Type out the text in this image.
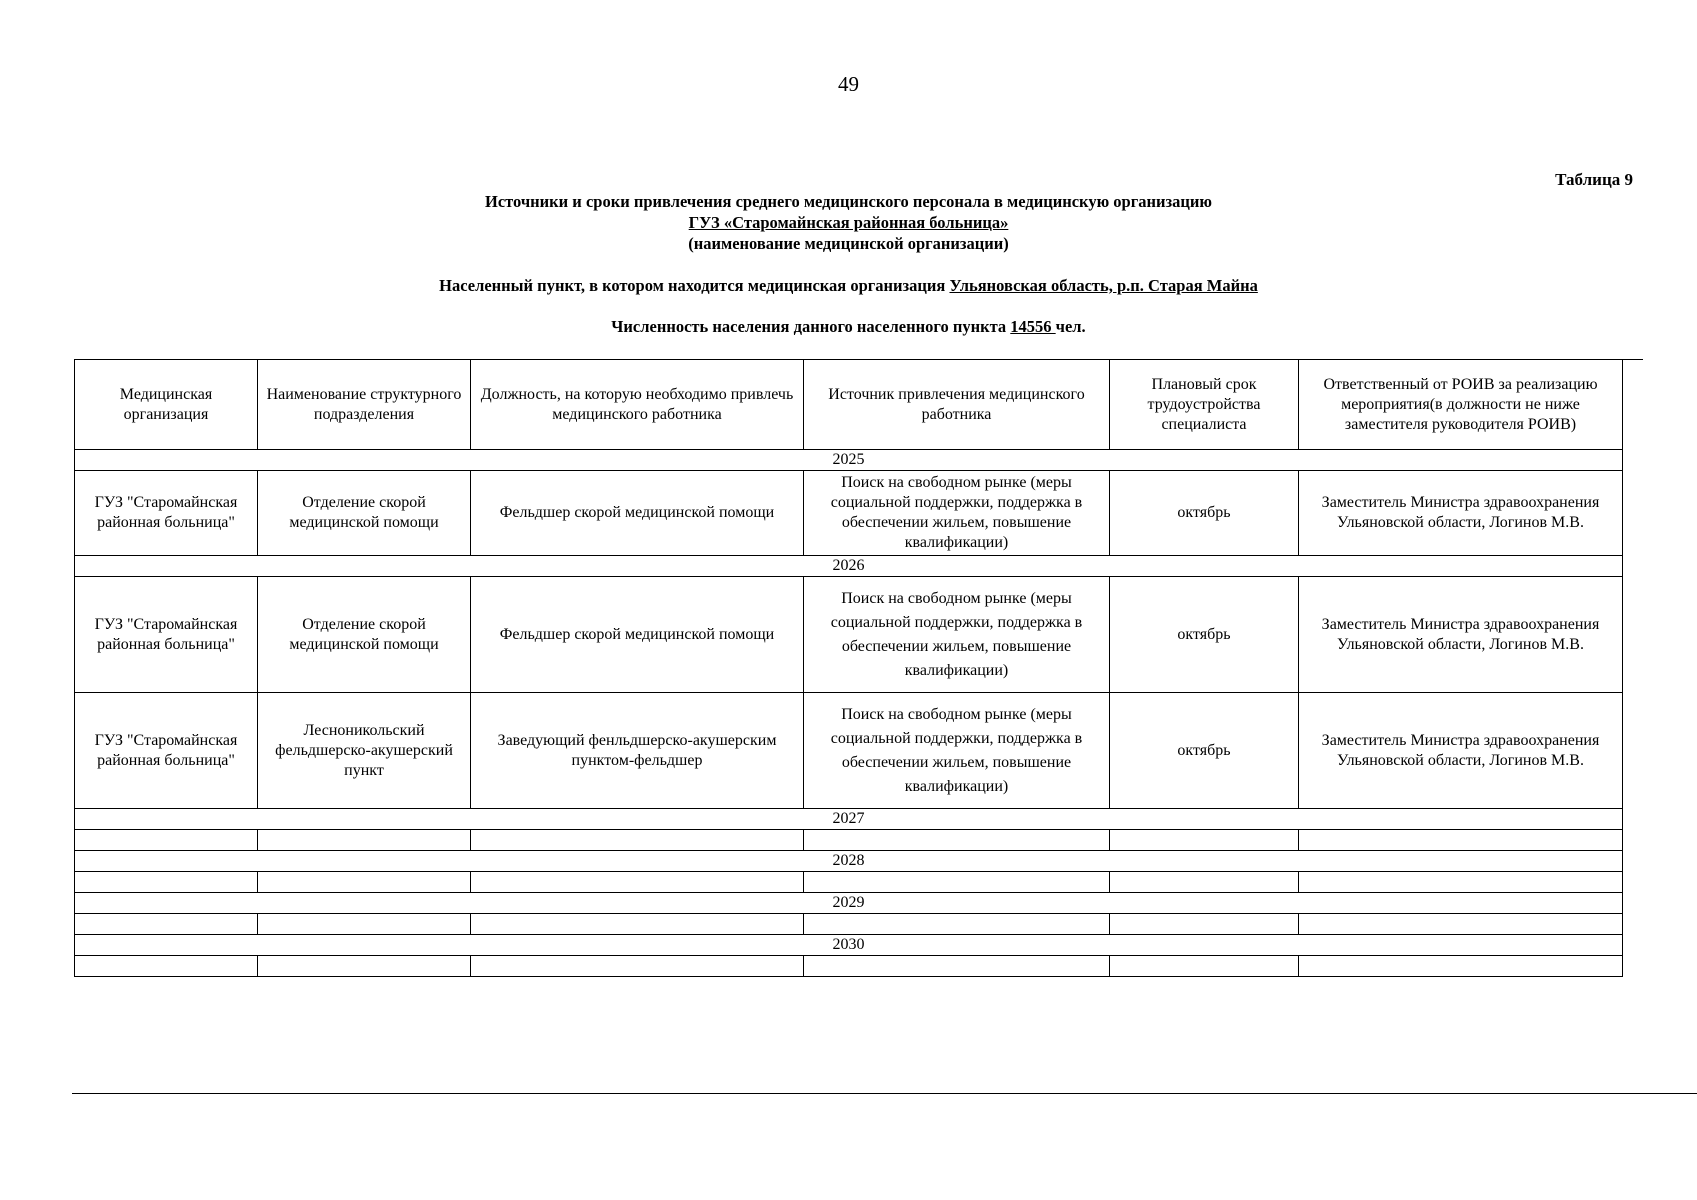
49
Таблица 9
Источники и сроки привлечения среднего медицинского персонала в медицинскую организацию
ГУЗ «Старомайнская районная больница»
(наименование медицинской организации)
Населенный пункт, в котором находится медицинская организация Ульяновская область, р.п. Старая Майна
Численность населения данного населенного пункта 14556 чел.
Медицинская организация	Наименование структурного подразделения	Должность, на которую необходимо привлечь медицинского работника	Источник привлечения медицинского работника	Плановый срок трудоустройства специалиста	Ответственный от РОИВ за реализацию мероприятия(в должности не ниже заместителя руководителя РОИВ)
2025					
ГУЗ "Старомайнская районная больница"	Отделение скорой медицинской помощи	Фельдшер скорой медицинской помощи	Поиск на свободном рынке (меры социальной поддержки, поддержка в обеспечении жильем, повышение квалификации)	октябрь	Заместитель Министра здравоохранения Ульяновской области, Логинов М.В.
2026					
ГУЗ "Старомайнская районная больница"	Отделение скорой медицинской помощи	Фельдшер скорой медицинской помощи	Поиск на свободном рынке (меры социальной поддержки, поддержка в обеспечении жильем, повышение квалификации)	октябрь	Заместитель Министра здравоохранения Ульяновской области, Логинов М.В.
ГУЗ "Старомайнская районная больница"	Лесноникольский фельдшерско-акушерский пункт	Заведующий фенльдшерско-акушерским пунктом-фельдшер	Поиск на свободном рынке (меры социальной поддержки, поддержка в обеспечении жильем, повышение квалификации)	октябрь	Заместитель Министра здравоохранения Ульяновской области, Логинов М.В.
2027					

2028					

2029					

2030					
